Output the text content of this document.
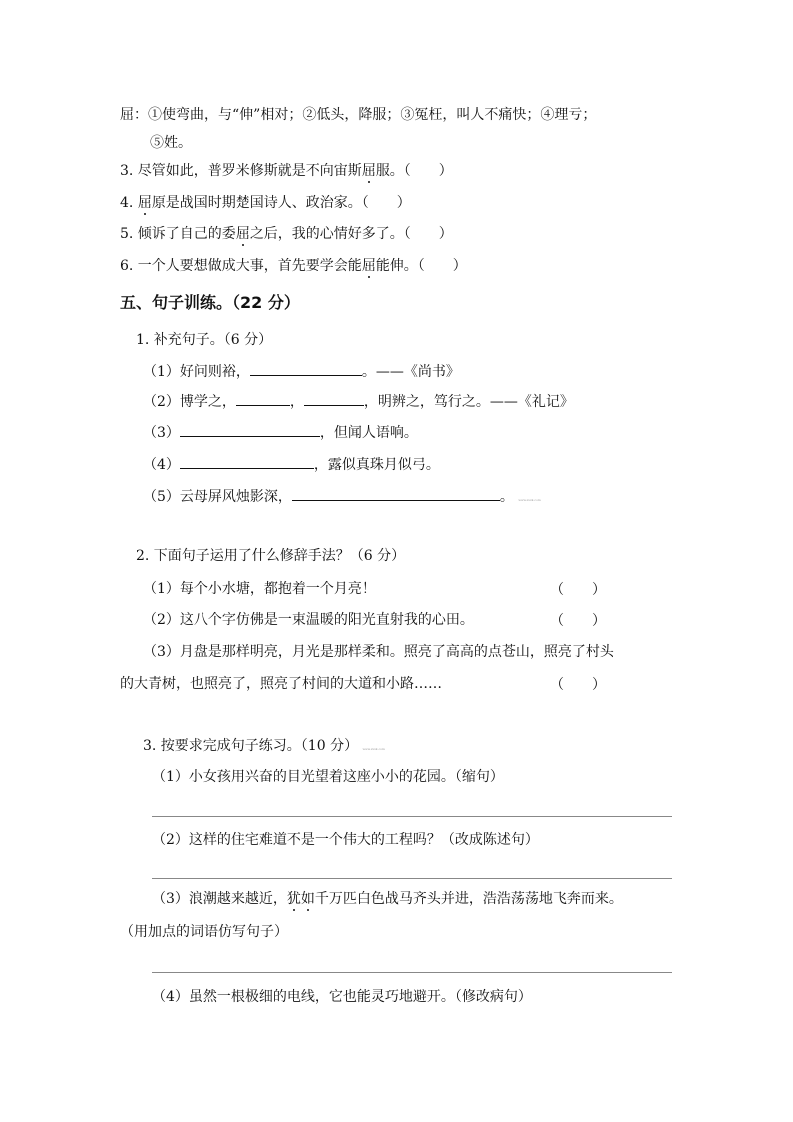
屈：①使弯曲，与“伸”相对；②低头，降服；③冤枉，叫人不痛快；④理亏；
⑤姓。
3. 尽管如此，普罗米修斯就是不向宙斯屈服。（　　）
4. 屈原是战国时期楚国诗人、政治家。（　　）
5. 倾诉了自己的委屈之后，我的心情好多了。（　　）
6. 一个人要想做成大事，首先要学会能屈能伸。（　　）
五、句子训练。（22 分）
1. 补充句子。（6 分）
（1）好问则裕，	。——《尚书》
（2）博学之，	，	，明辨之，笃行之。——《礼记》
（3）	，但闻人语响。
（4）	，露似真珠月似弓。
（5）云母屏风烛影深，	。 www.zxxk.com
2. 下面句子运用了什么修辞手法？（6 分）
（1）每个小水塘，都抱着一个月亮！	（　　）
（2）这八个字仿佛是一束温暖的阳光直射我的心田。	（　　）
（3）月盘是那样明亮，月光是那样柔和。照亮了高高的点苍山，照亮了村头
的大青树，也照亮了，照亮了村间的大道和小路……	（　　）
3. 按要求完成句子练习。（10 分） www.zxxk.com
（1）小女孩用兴奋的目光望着这座小小的花园。（缩句）
（2）这样的住宅难道不是一个伟大的工程吗？（改成陈述句）
（3）浪潮越来越近，犹如千万匹白色战马齐头并进，浩浩荡荡地飞奔而来。
（用加点的词语仿写句子）
（4）虽然一根极细的电线，它也能灵巧地避开。（修改病句）
